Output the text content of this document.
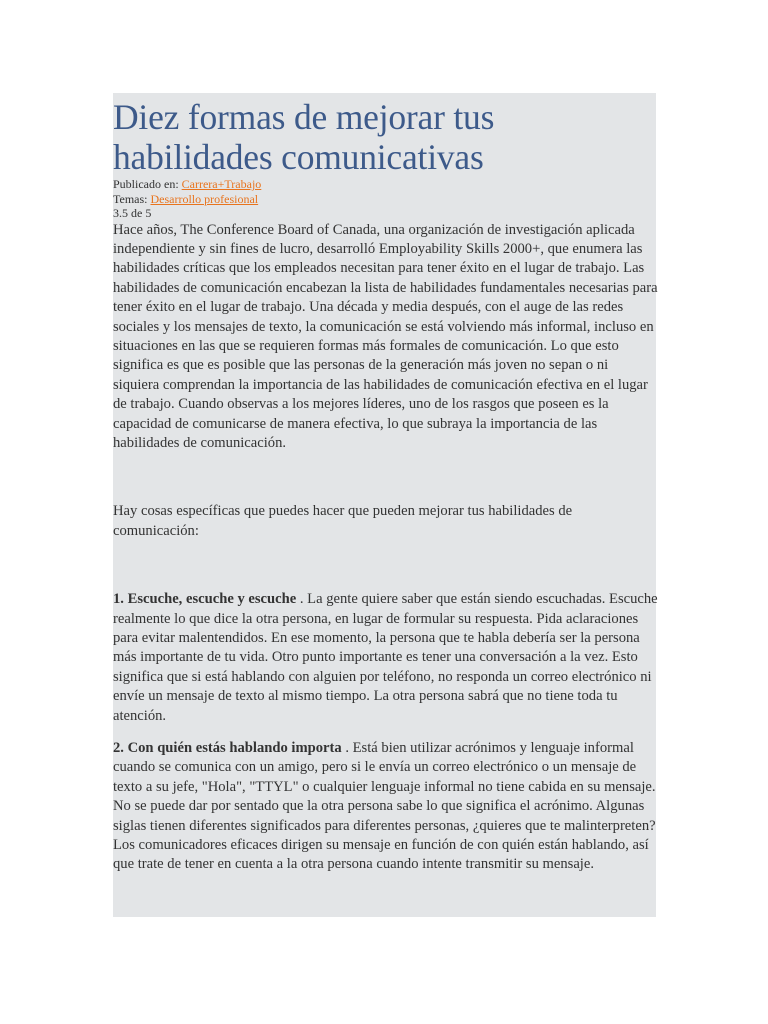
Diez formas de mejorar tus habilidades comunicativas
Publicado en: Carrera+Trabajo
Temas: Desarrollo profesional
3.5 de 5

Hace años, The Conference Board of Canada, una organización de investigación aplicada independiente y sin fines de lucro, desarrolló Employability Skills 2000+, que enumera las habilidades críticas que los empleados necesitan para tener éxito en el lugar de trabajo. Las habilidades de comunicación encabezan la lista de habilidades fundamentales necesarias para tener éxito en el lugar de trabajo. Una década y media después, con el auge de las redes sociales y los mensajes de texto, la comunicación se está volviendo más informal, incluso en situaciones en las que se requieren formas más formales de comunicación. Lo que esto significa es que es posible que las personas de la generación más joven no sepan o ni siquiera comprendan la importancia de las habilidades de comunicación efectiva en el lugar de trabajo. Cuando observas a los mejores líderes, uno de los rasgos que poseen es la capacidad de comunicarse de manera efectiva, lo que subraya la importancia de las habilidades de comunicación.

Hay cosas específicas que puedes hacer que pueden mejorar tus habilidades de comunicación:

1. Escuche, escuche y escuche . La gente quiere saber que están siendo escuchadas. Escuche realmente lo que dice la otra persona, en lugar de formular su respuesta. Pida aclaraciones para evitar malentendidos. En ese momento, la persona que te habla debería ser la persona más importante de tu vida. Otro punto importante es tener una conversación a la vez. Esto significa que si está hablando con alguien por teléfono, no responda un correo electrónico ni envíe un mensaje de texto al mismo tiempo. La otra persona sabrá que no tiene toda tu atención.

2. Con quién estás hablando importa . Está bien utilizar acrónimos y lenguaje informal cuando se comunica con un amigo, pero si le envía un correo electrónico o un mensaje de texto a su jefe, "Hola", "TTYL" o cualquier lenguaje informal no tiene cabida en su mensaje. No se puede dar por sentado que la otra persona sabe lo que significa el acrónimo. Algunas siglas tienen diferentes significados para diferentes personas, ¿quieres que te malinterpreten? Los comunicadores eficaces dirigen su mensaje en función de con quién están hablando, así que trate de tener en cuenta a la otra persona cuando intente transmitir su mensaje.
